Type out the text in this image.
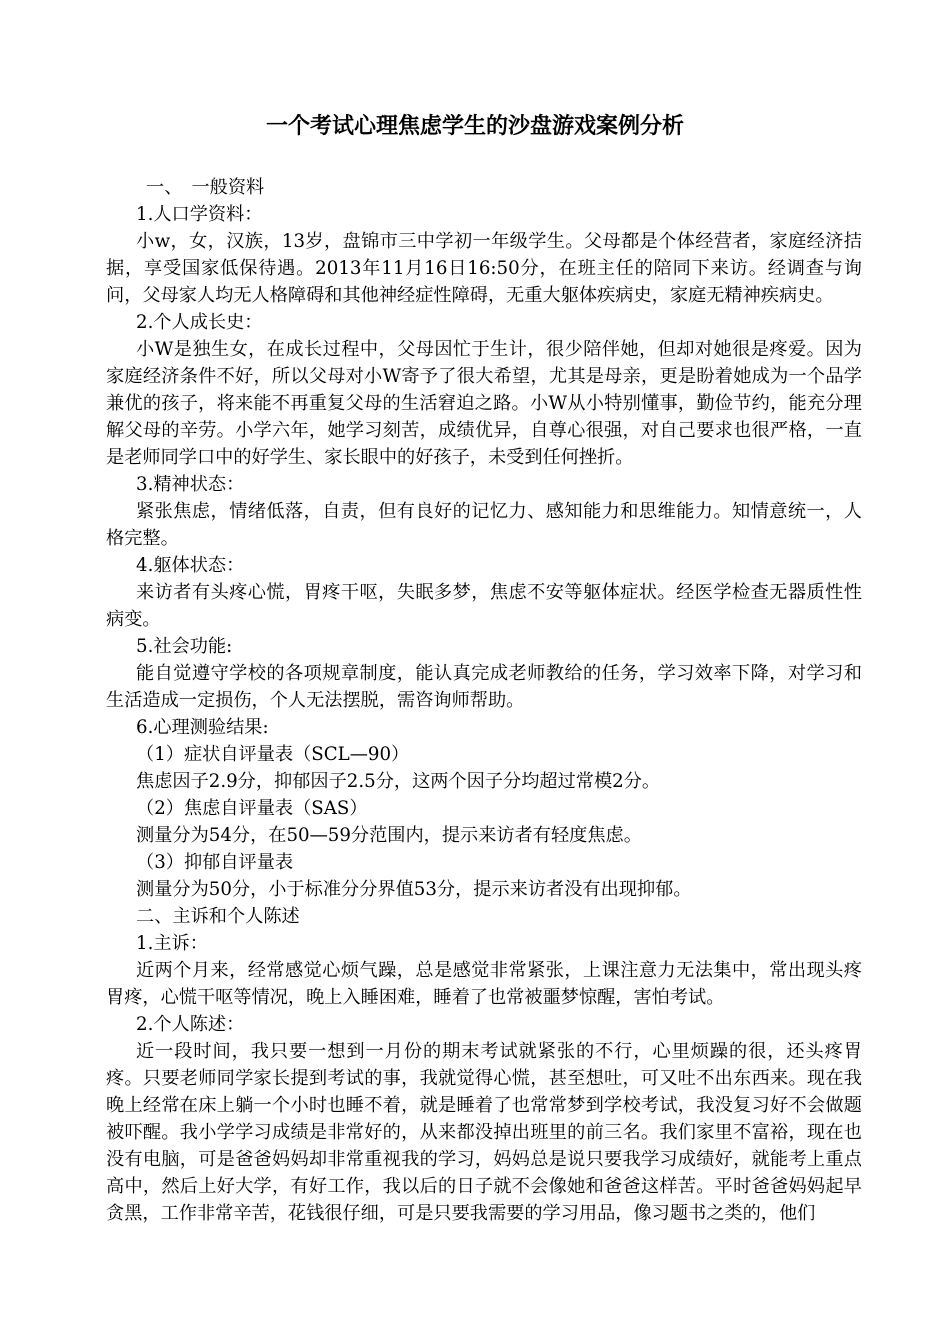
一个考试心理焦虑学生的沙盘游戏案例分析

一、　一般资料

1.人口学资料：

小w，女，汉族，13岁，盘锦市三中学初一年级学生。父母都是个体经营者，家庭经济拮据，享受国家低保待遇。2013年11月16日16:50分，在班主任的陪同下来访。经调查与询问，父母家人均无人格障碍和其他神经症性障碍，无重大躯体疾病史，家庭无精神疾病史。

2.个人成长史：

小W是独生女，在成长过程中，父母因忙于生计，很少陪伴她，但却对她很是疼爱。因为家庭经济条件不好，所以父母对小W寄予了很大希望，尤其是母亲，更是盼着她成为一个品学兼优的孩子，将来能不再重复父母的生活窘迫之路。小W从小特别懂事，勤俭节约，能充分理解父母的辛劳。小学六年，她学习刻苦，成绩优异，自尊心很强，对自己要求也很严格，一直是老师同学口中的好学生、家长眼中的好孩子，未受到任何挫折。

3.精神状态：

紧张焦虑，情绪低落，自责，但有良好的记忆力、感知能力和思维能力。知情意统一，人格完整。

4.躯体状态：

来访者有头疼心慌，胃疼干呕，失眠多梦，焦虑不安等躯体症状。经医学检查无器质性性病变。

5.社会功能:

能自觉遵守学校的各项规章制度，能认真完成老师教给的任务，学习效率下降，对学习和生活造成一定损伤，个人无法摆脱，需咨询师帮助。

6.心理测验结果:

（1）症状自评量表（SCL—90）

焦虑因子2.9分，抑郁因子2.5分，这两个因子分均超过常模2分。

（2）焦虑自评量表（SAS）

测量分为54分，在50—59分范围内，提示来访者有轻度焦虑。

（3）抑郁自评量表

测量分为50分，小于标准分分界值53分，提示来访者没有出现抑郁。

二、主诉和个人陈述

1.主诉：

近两个月来，经常感觉心烦气躁，总是感觉非常紧张，上课注意力无法集中，常出现头疼胃疼，心慌干呕等情况，晚上入睡困难，睡着了也常被噩梦惊醒，害怕考试。

2.个人陈述：

近一段时间，我只要一想到一月份的期末考试就紧张的不行，心里烦躁的很，还头疼胃疼。只要老师同学家长提到考试的事，我就觉得心慌，甚至想吐，可又吐不出东西来。现在我晚上经常在床上躺一个小时也睡不着，就是睡着了也常常梦到学校考试，我没复习好不会做题被吓醒。我小学学习成绩是非常好的，从来都没掉出班里的前三名。我们家里不富裕，现在也没有电脑，可是爸爸妈妈却非常重视我的学习，妈妈总是说只要我学习成绩好，就能考上重点高中，然后上好大学，有好工作，我以后的日子就不会像她和爸爸这样苦。平时爸爸妈妈起早贪黑，工作非常辛苦，花钱很仔细，可是只要我需要的学习用品，像习题书之类的，他们
